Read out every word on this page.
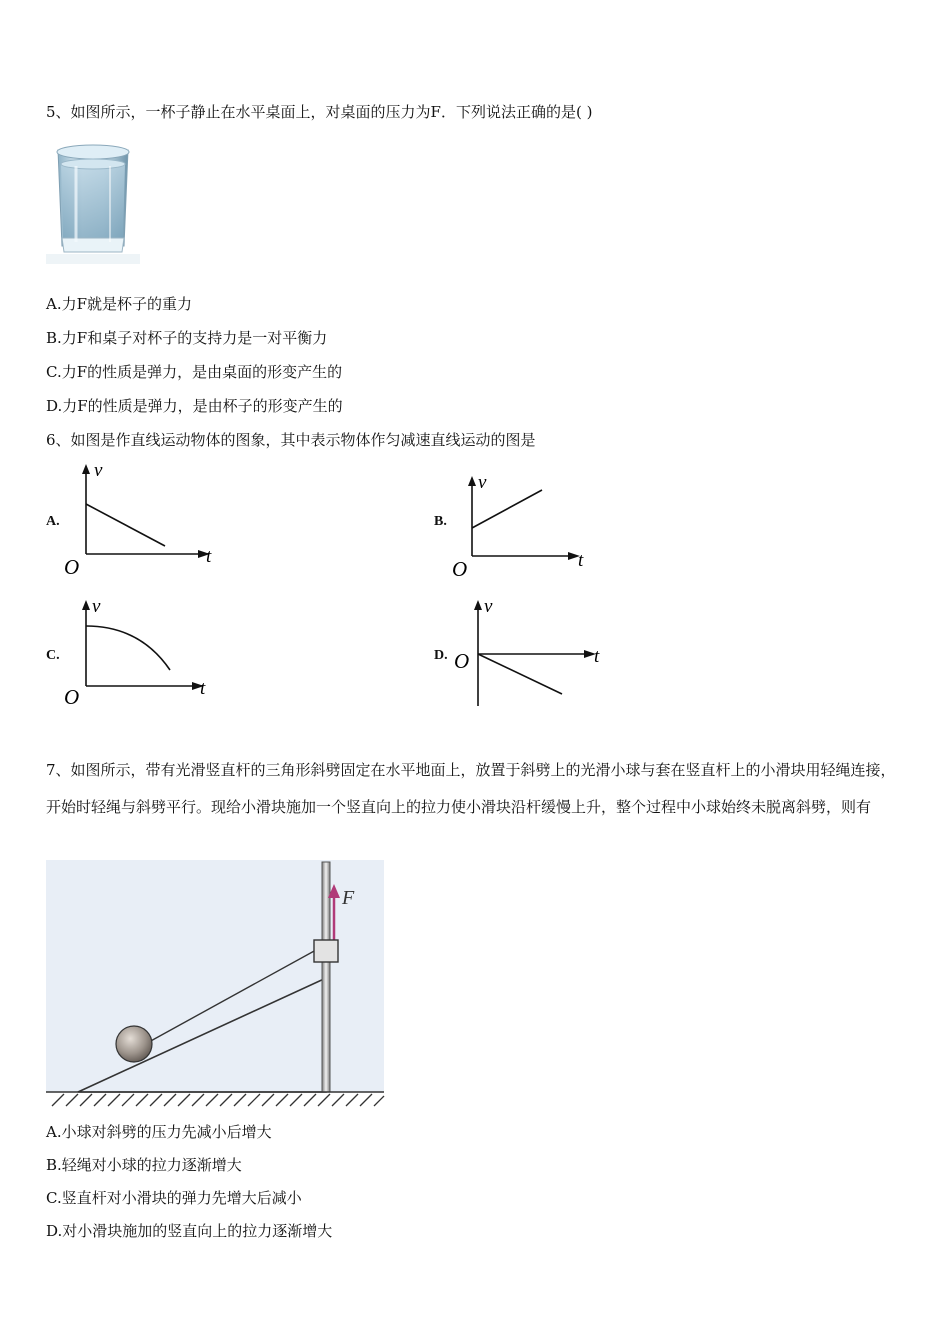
5、如图所示，一杯子静止在水平桌面上，对桌面的压力为F．下列说法正确的是( )
A.力F就是杯子的重力
B.力F和桌子对杯子的支持力是一对平衡力
C.力F的性质是弹力，是由桌面的形变产生的
D.力F的性质是弹力，是由杯子的形变产生的
6、如图是作直线运动物体的图象，其中表示物体作匀减速直线运动的图是
A.
v
t
O
B.
v
t
O
C.
v
t
O
D.
v
t
O
7、如图所示，带有光滑竖直杆的三角形斜劈固定在水平地面上，放置于斜劈上的光滑小球与套在竖直杆上的小滑块用轻绳连接，开始时轻绳与斜劈平行。现给小滑块施加一个竖直向上的拉力使小滑块沿杆缓慢上升，整个过程中小球始终未脱离斜劈，则有
F
A.小球对斜劈的压力先减小后增大
B.轻绳对小球的拉力逐渐增大
C.竖直杆对小滑块的弹力先增大后减小
D.对小滑块施加的竖直向上的拉力逐渐增大
